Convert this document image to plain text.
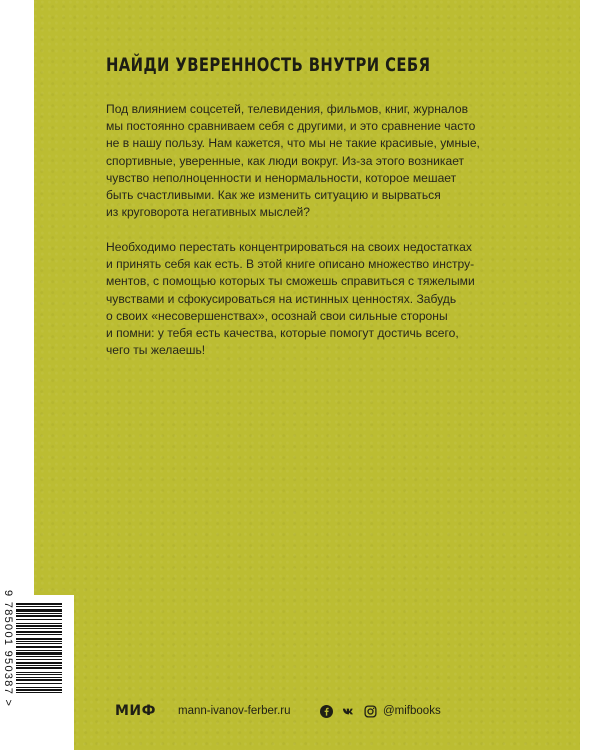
НАЙДИ УВЕРЕННОСТЬ ВНУТРИ СЕБЯ
Под влиянием соцсетей, телевидения, фильмов, книг, журналов
мы постоянно сравниваем себя с другими, и это сравнение часто
не в нашу пользу. Нам кажется, что мы не такие красивые, умные,
спортивные, уверенные, как люди вокруг. Из-за этого возникает
чувство неполноценности и ненормальности, которое мешает
быть счастливыми. Как же изменить ситуацию и вырваться
из круговорота негативных мыслей?
Необходимо перестать концентрироваться на своих недостатках
и принять себя как есть. В этой книге описано множество инстру-
ментов, с помощью которых ты сможешь справиться с тяжелыми
чувствами и сфокусироваться на истинных ценностях. Забудь
о своих «несовершенствах», осознай свои сильные стороны
и помни: у тебя есть качества, которые помогут достичь всего,
чего ты желаешь!
9 785001 950387 >
МИФ mann-ivanov-ferber.ru	@mifbooks
